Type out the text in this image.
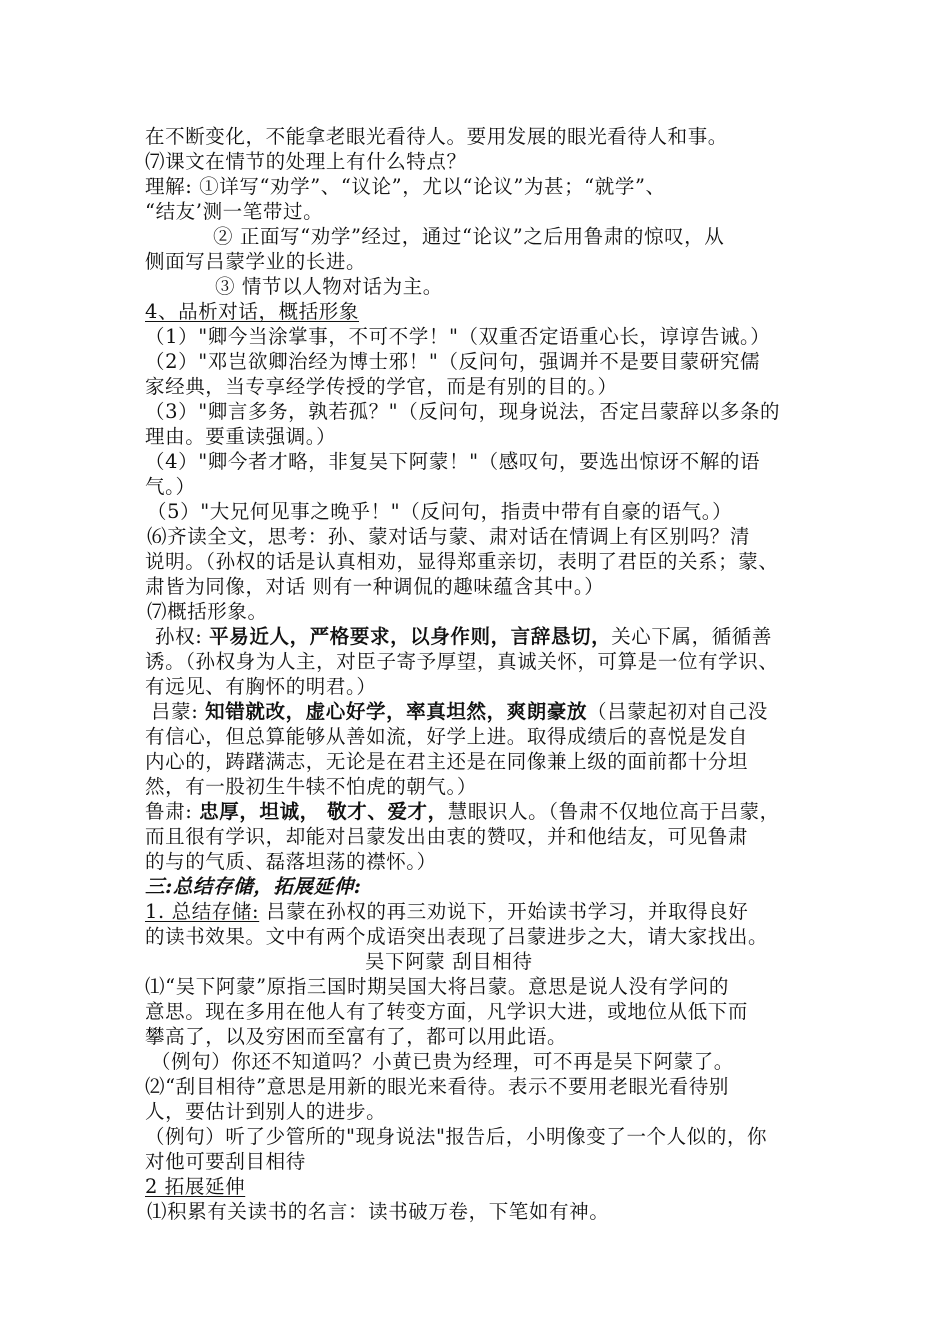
在不断变化，不能拿老眼光看待人。要用发展的眼光看待人和事。
⑺课文在情节的处理上有什么特点？
理解: ①详写“劝学”、“议论”，尤以“论议”为甚；“就学”、
“结友’测一笔带过。
② 正面写“劝学”经过，通过“论议”之后用鲁肃的惊叹，从
侧面写吕蒙学业的长进。
③ 情节以人物对话为主。
4、品析对话，概括形象
（1）"卿今当涂掌事，不可不学！"（双重否定语重心长，谆谆告诫。）
（2）"邓岂欲卿治经为博士邪！"（反问句，强调并不是要目蒙研究儒
家经典，当专享经学传授的学官，而是有别的目的。）
（3）"卿言多务，孰若孤？"（反问句，现身说法，否定吕蒙辞以多条的
理由。要重读强调。）
（4）"卿今者才略，非复吴下阿蒙！"（感叹句，要选出惊讶不解的语
气。）
（5）"大兄何见事之晚乎！"（反问句，指责中带有自豪的语气。）
⑹齐读全文，思考：孙、蒙对话与蒙、肃对话在情调上有区别吗？清
说明。（孙权的话是认真相劝，显得郑重亲切，表明了君臣的关系；蒙、
肃皆为同像，对话 则有一种调侃的趣味蕴含其中。）
⑺概括形象。
孙权: 平易近人，严格要求，以身作则，言辞恳切，关心下属，循循善
诱。（孙权身为人主，对臣子寄予厚望，真诚关怀，可算是一位有学识、
有远见、有胸怀的明君。）
吕蒙: 知错就改，虚心好学，率真坦然，爽朗豪放（吕蒙起初对自己没
有信心，但总算能够从善如流，好学上进。取得成绩后的喜悦是发自
内心的，踌躇满志，无论是在君主还是在同像兼上级的面前都十分坦
然，有一股初生牛犊不怕虎的朝气。）
鲁肃: 忠厚，坦诚， 敬才、爱才，慧眼识人。（鲁肃不仅地位高于吕蒙，
而且很有学识，却能对吕蒙发出由衷的赞叹，并和他结友，可见鲁肃
的与的气质、磊落坦荡的襟怀。）
三:总结存储，拓展延伸:
1. 总结存储: 吕蒙在孙权的再三劝说下，开始读书学习，并取得良好
的读书效果。文中有两个成语突出表现了吕蒙进步之大，请大家找出。
吴下阿蒙 刮目相待
⑴“吴下阿蒙”原指三国时期吴国大将吕蒙。意思是说人没有学问的
意思。现在多用在他人有了转变方面，凡学识大进，或地位从低下而
攀高了，以及穷困而至富有了，都可以用此语。
（例句）你还不知道吗？小黄已贵为经理，可不再是吴下阿蒙了。
⑵“刮目相待”意思是用新的眼光来看待。表示不要用老眼光看待别
人，要估计到别人的进步。
（例句）听了少管所的"现身说法"报告后，小明像变了一个人似的，你
对他可要刮目相待
2 拓展延伸
⑴积累有关读书的名言：读书破万卷，下笔如有神。
